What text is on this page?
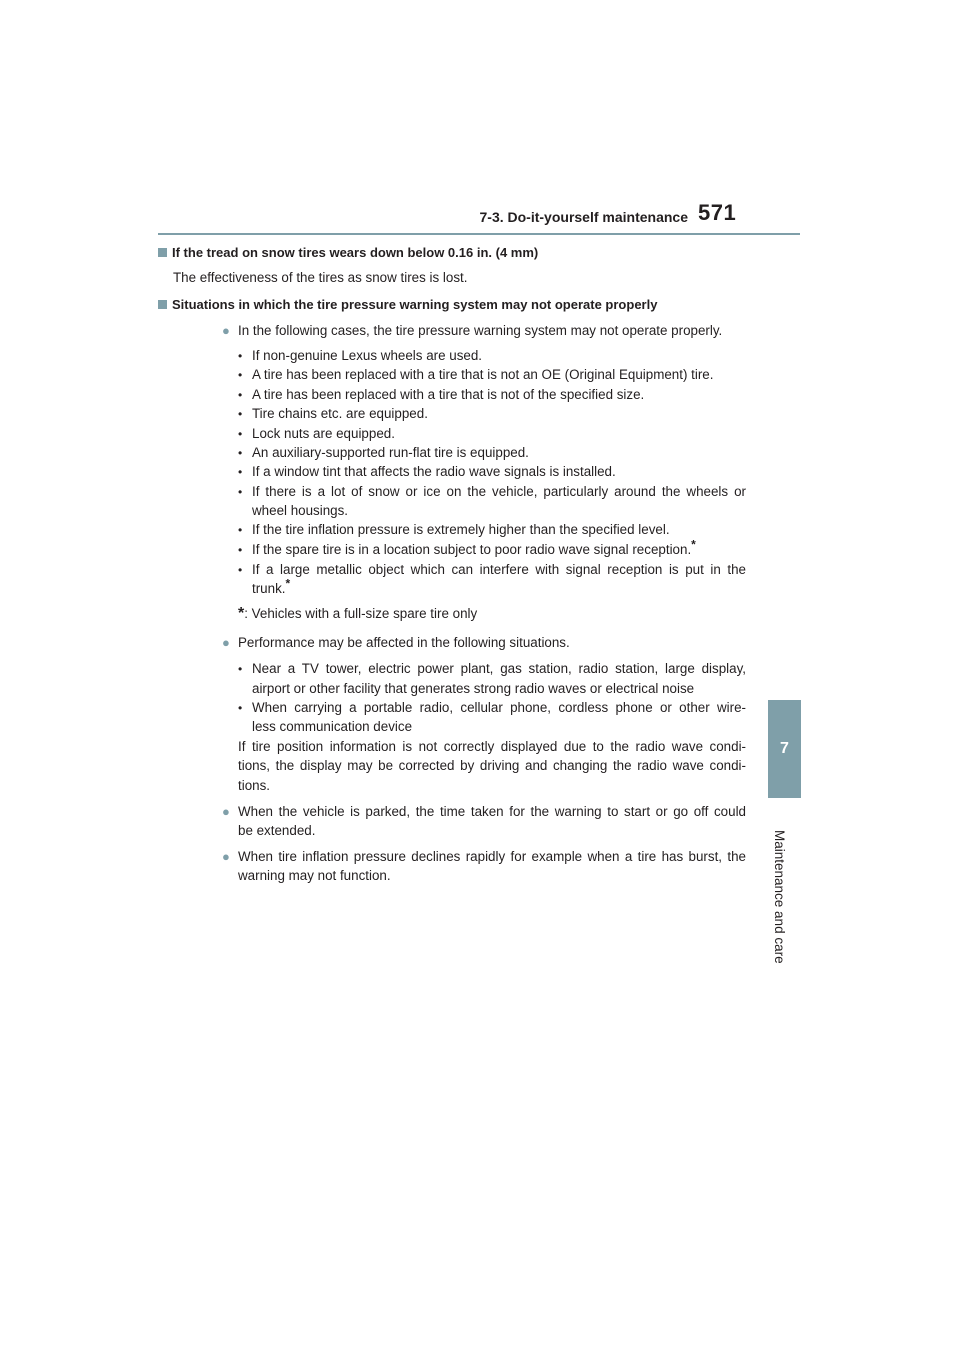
7-3. Do-it-yourself maintenance 571
7
Maintenance and care
If the tread on snow tires wears down below 0.16 in. (4 mm)
The effectiveness of the tires as snow tires is lost.
Situations in which the tire pressure warning system may not operate properly
● In the following cases, the tire pressure warning system may not operate properly.
• If non-genuine Lexus wheels are used.
• A tire has been replaced with a tire that is not an OE (Original Equipment) tire.
• A tire has been replaced with a tire that is not of the specified size.
• Tire chains etc. are equipped.
• Lock nuts are equipped.
• An auxiliary-supported run-flat tire is equipped.
• If a window tint that affects the radio wave signals is installed.
• If there is a lot of snow or ice on the vehicle, particularly around the wheels or
wheel housings.
• If the tire inflation pressure is extremely higher than the specified level.
• If the spare tire is in a location subject to poor radio wave signal reception.*
• If a large metallic object which can interfere with signal reception is put in the
trunk.*
*: Vehicles with a full-size spare tire only
● Performance may be affected in the following situations.
• Near a TV tower, electric power plant, gas station, radio station, large display,
airport or other facility that generates strong radio waves or electrical noise
• When carrying a portable radio, cellular phone, cordless phone or other wire-
less communication device
If tire position information is not correctly displayed due to the radio wave condi-
tions, the display may be corrected by driving and changing the radio wave condi-
tions.
● When the vehicle is parked, the time taken for the warning to start or go off could
be extended.
● When tire inflation pressure declines rapidly for example when a tire has burst, the
warning may not function.
